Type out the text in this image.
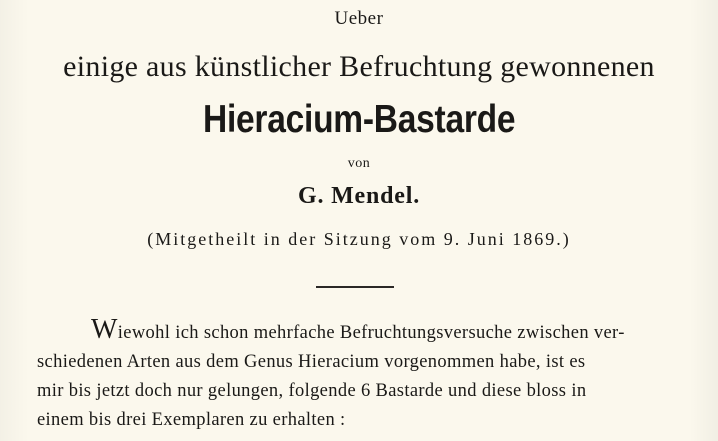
Ueber
einige aus künstlicher Befruchtung gewonnenen
Hieracium-Bastarde
von
G. Mendel.
(Mitgetheilt in der Sitzung vom 9. Juni 1869.)
Wiewohl ich schon mehrfache Befruchtungsversuche zwischen ver-
schiedenen Arten aus dem Genus Hieracium vorgenommen habe, ist es
mir bis jetzt doch nur gelungen, folgende 6 Bastarde und diese bloss in
einem bis drei Exemplaren zu erhalten :
